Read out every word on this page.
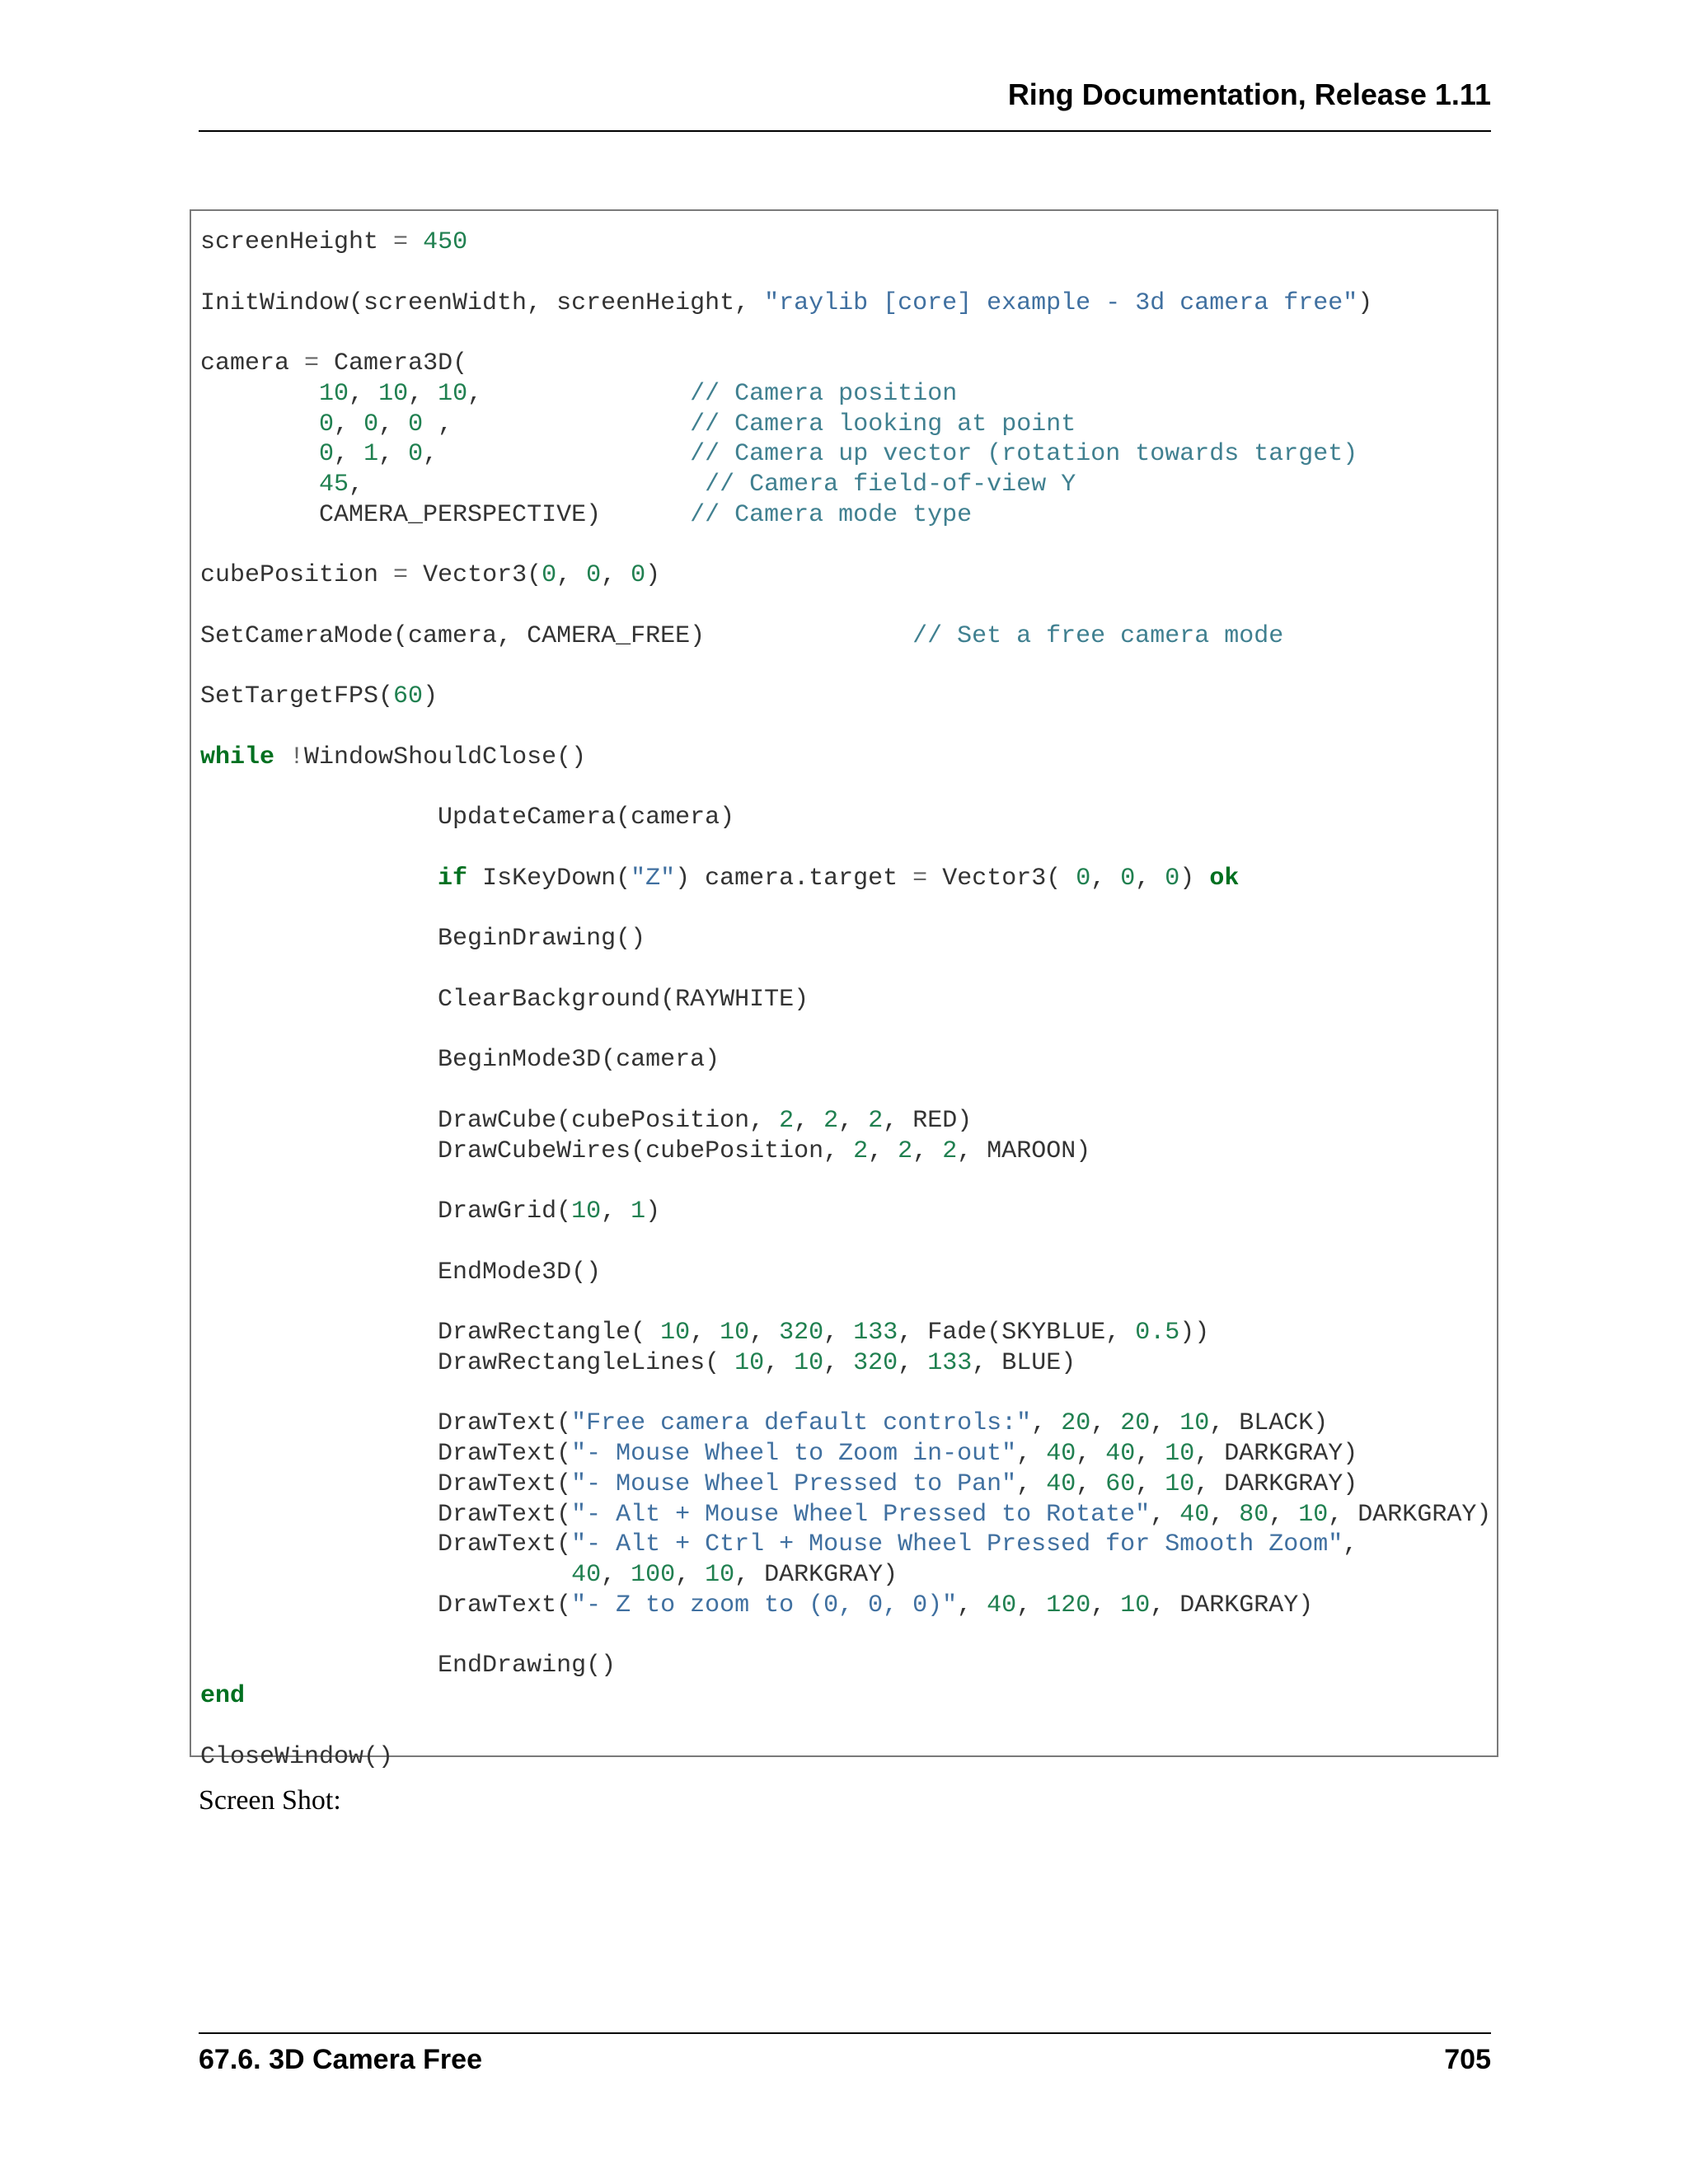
Ring Documentation, Release 1.11
screenHeight = 450
InitWindow(screenWidth, screenHeight, "raylib [core] example - 3d camera free")
camera = Camera3D(
10, 10, 10,              // Camera position
0, 0, 0 ,                // Camera looking at point
0, 1, 0,                 // Camera up vector (rotation towards target)
45,                       // Camera field-of-view Y
CAMERA_PERSPECTIVE)      // Camera mode type
cubePosition = Vector3(0, 0, 0)
SetCameraMode(camera, CAMERA_FREE)              // Set a free camera mode
SetTargetFPS(60)
while !WindowShouldClose()
UpdateCamera(camera)
if IsKeyDown("Z") camera.target = Vector3( 0, 0, 0) ok
BeginDrawing()
ClearBackground(RAYWHITE)
BeginMode3D(camera)
DrawCube(cubePosition, 2, 2, 2, RED)
DrawCubeWires(cubePosition, 2, 2, 2, MAROON)
DrawGrid(10, 1)
EndMode3D()
DrawRectangle( 10, 10, 320, 133, Fade(SKYBLUE, 0.5))
DrawRectangleLines( 10, 10, 320, 133, BLUE)
DrawText("Free camera default controls:", 20, 20, 10, BLACK)
DrawText("- Mouse Wheel to Zoom in-out", 40, 40, 10, DARKGRAY)
DrawText("- Mouse Wheel Pressed to Pan", 40, 60, 10, DARKGRAY)
DrawText("- Alt + Mouse Wheel Pressed to Rotate", 40, 80, 10, DARKGRAY)
DrawText("- Alt + Ctrl + Mouse Wheel Pressed for Smooth Zoom",
40, 100, 10, DARKGRAY)
DrawText("- Z to zoom to (0, 0, 0)", 40, 120, 10, DARKGRAY)
EndDrawing()
end
CloseWindow()
Screen Shot:
67.6. 3D Camera Free	705
